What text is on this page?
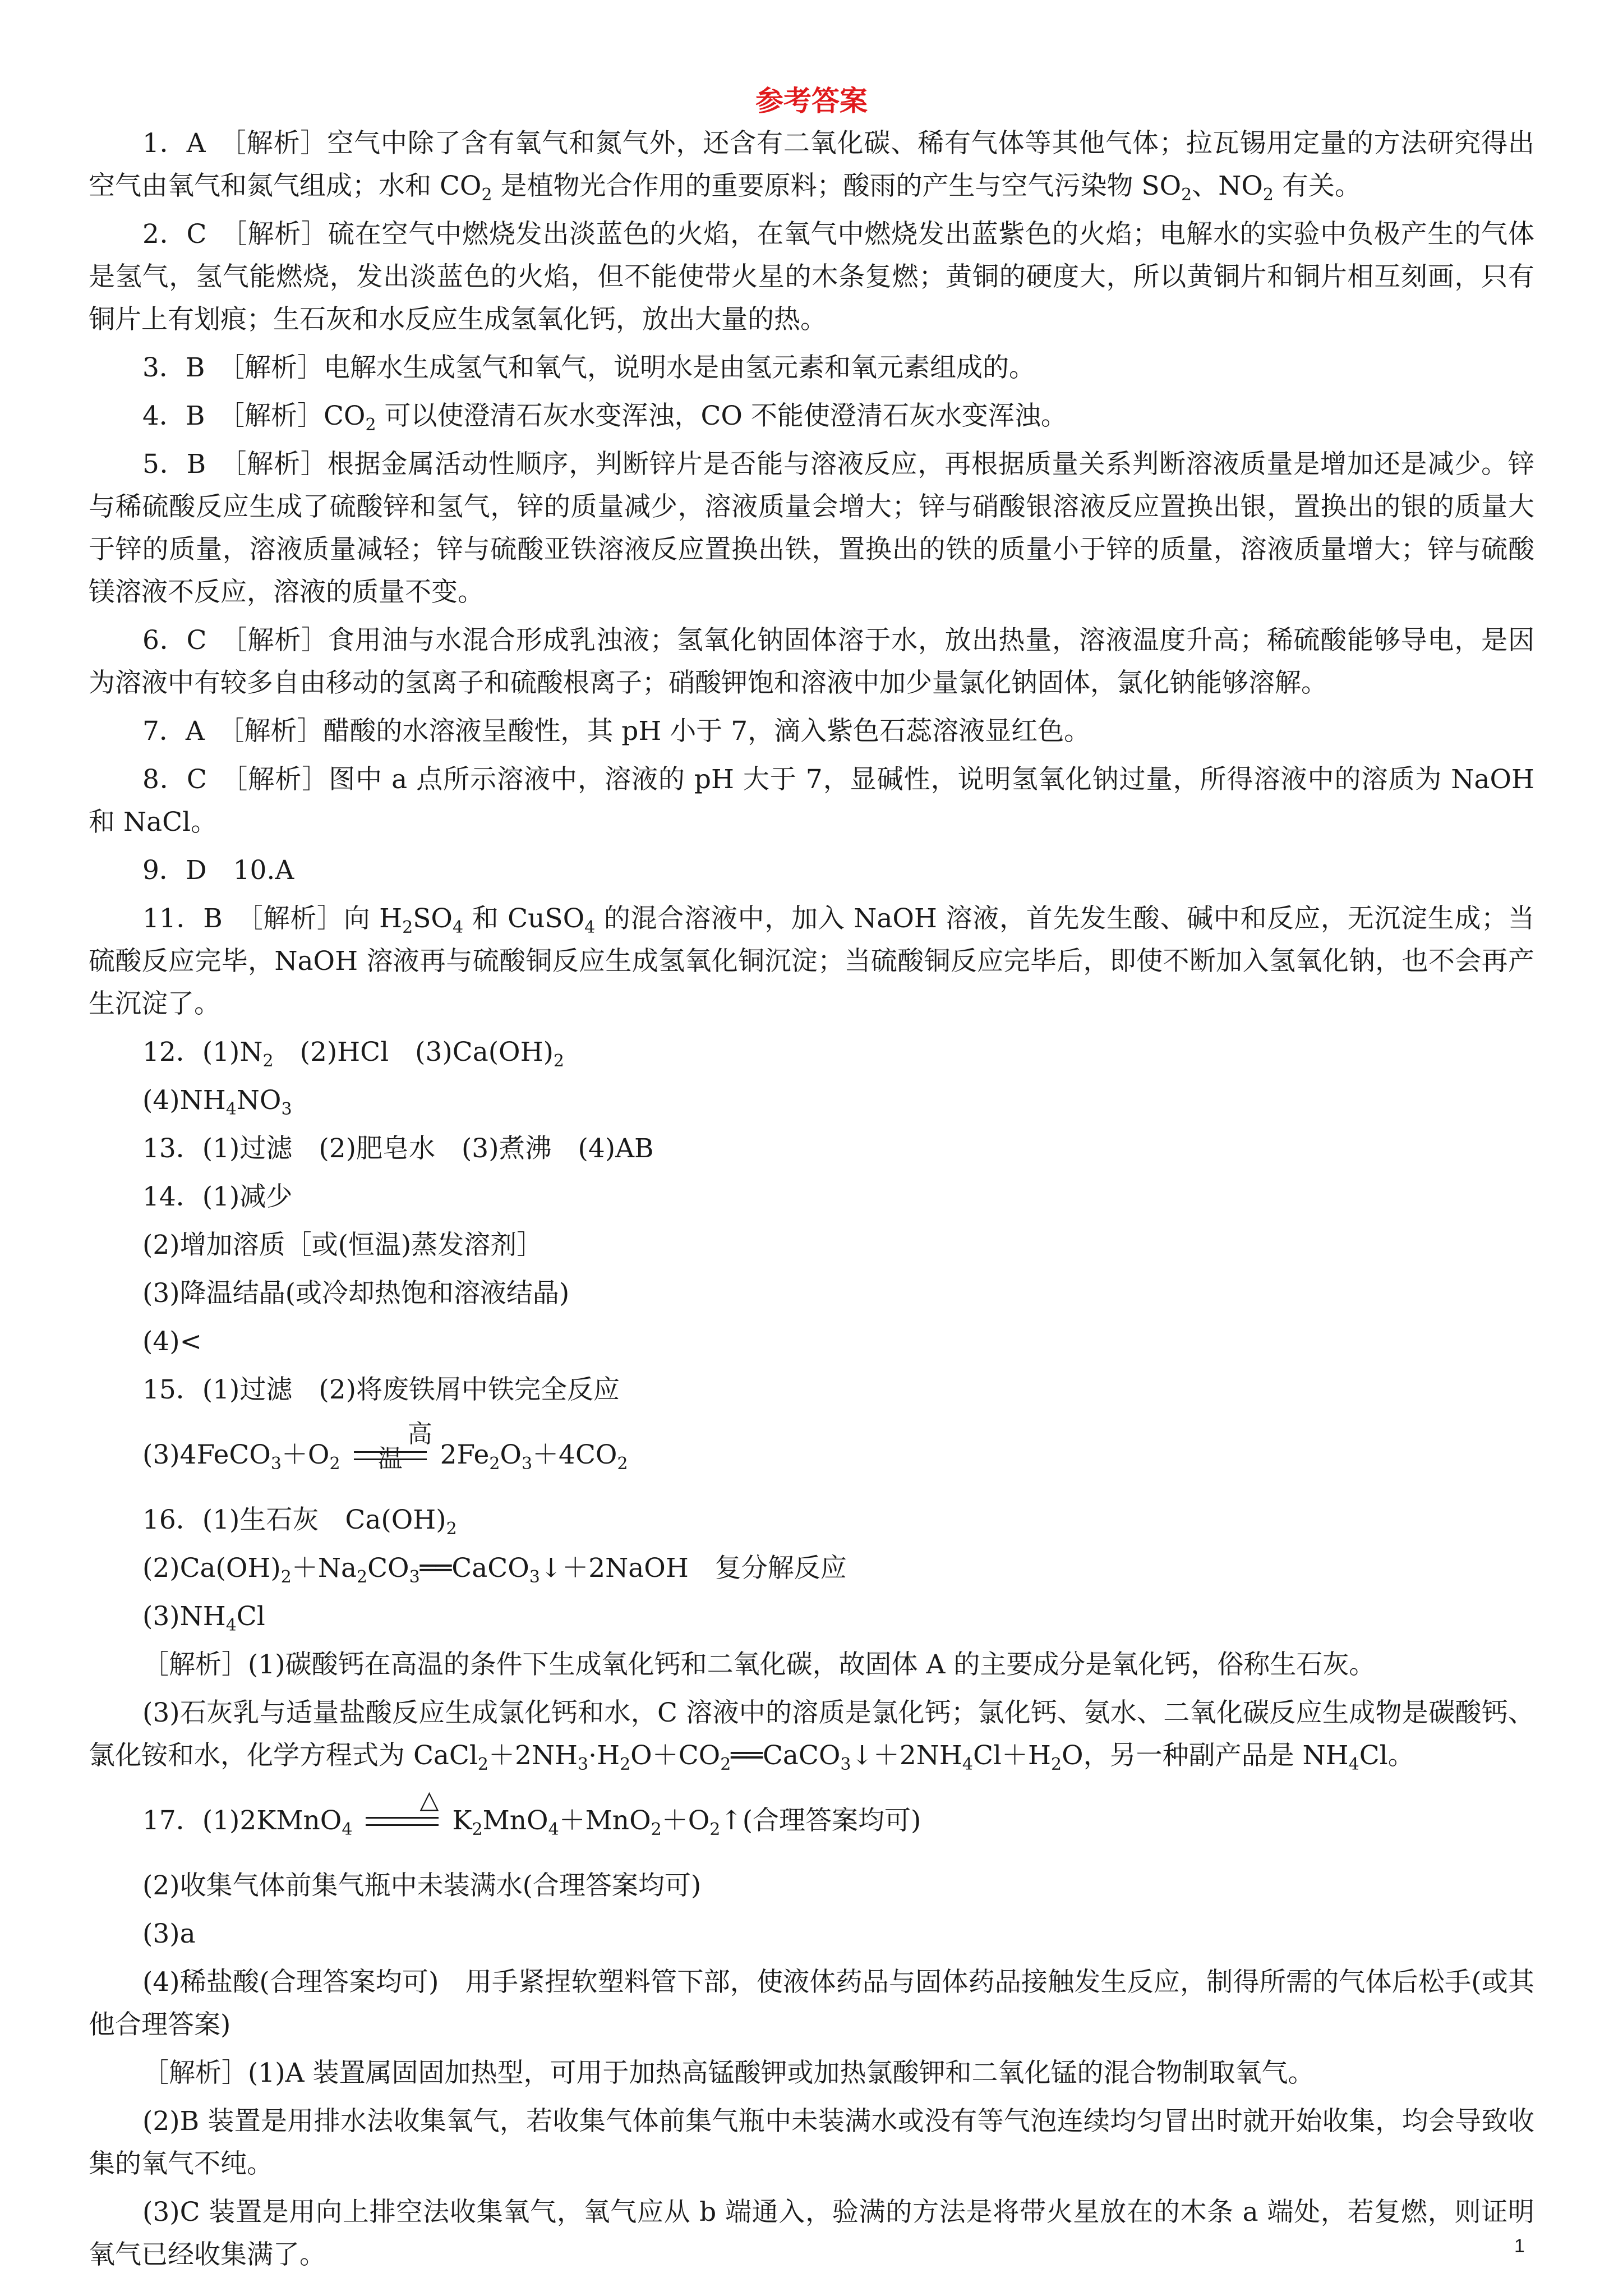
参考答案

1．A　［解析］空气中除了含有氧气和氮气外，还含有二氧化碳、稀有气体等其他气体；拉瓦锡用定量的方法研究得出空气由氧气和氮气组成；水和 $CO_2$ 是植物光合作用的重要原料；酸雨的产生与空气污染物 $SO_2$、$NO_2$ 有关。

2．C　［解析］硫在空气中燃烧发出淡蓝色的火焰，在氧气中燃烧发出蓝紫色的火焰；电解水的实验中负极产生的气体是氢气，氢气能燃烧，发出淡蓝色的火焰，但不能使带火星的木条复燃；黄铜的硬度大，所以黄铜片和铜片相互刻画，只有铜片上有划痕；生石灰和水反应生成氢氧化钙，放出大量的热。

3．B　［解析］电解水生成氢气和氧气，说明水是由氢元素和氧元素组成的。

4．B　［解析$]CO_2$ 可以使澄清石灰水变浑浊，CO 不能使澄清石灰水变浑浊。

5．B　［解析］根据金属活动性顺序，判断锌片是否能与溶液反应，再根据质量关系判断溶液质量是增加还是减少。锌与稀硫酸反应生成了硫酸锌和氢气，锌的质量减少，溶液质量会增大；锌与硝酸银溶液反应置换出银，置换出的银的质量大于锌的质量，溶液质量减轻；锌与硫酸亚铁溶液反应置换出铁，置换出的铁的质量小于锌的质量，溶液质量增大；锌与硫酸镁溶液不反应，溶液的质量不变。

6．C　［解析］食用油与水混合形成乳浊液；氢氧化钠固体溶于水，放出热量，溶液温度升高；稀硫酸能够导电，是因为溶液中有较多自由移动的氢离子和硫酸根离子；硝酸钾饱和溶液中加少量氯化钠固体，氯化钠能够溶解。

7．A　［解析］醋酸的水溶液呈酸性，其 pH 小于 7，滴入紫色石蕊溶液显红色。

8．C　［解析］图中 a 点所示溶液中，溶液的 pH 大于 7，显碱性，说明氢氧化钠过量，所得溶液中的溶质为 NaOH 和 NaCl。

9．D　10.A

11．B　［解析］向 $H_2SO_4$ 和 CuSO$_4$ 的混合溶液中，加入 NaOH 溶液，首先发生酸、碱中和反应，无沉淀生成；当硫酸反应完毕，NaOH 溶液再与硫酸铜反应生成氢氧化铜沉淀；当硫酸铜反应完毕后，即使不断加入氢氧化钠，也不会再产生沉淀了。

12．$(1)N_2$　(2)HCl　$(3)Ca(OH)_2$

$(4)NH_4NO_3$

13．(1)过滤　(2)肥皂水　(3)煮沸　(4)AB

14．(1)减少

(2)增加溶质［或(恒温)蒸发溶剂］

(3)降温结晶(或冷却热饱和溶液结晶)

(4)<

15．(1)过滤　(2)将废铁屑中铁完全反应

$(3)4FeCO_3+O_2$
高温	$2Fe_2O_3+4CO_2$

16．(1)生石灰　$Ca(OH)_2$

$(2)Ca(OH)_2+Na_2CO_3══CaCO_3↓+2NaOH$　复分解反应

$(3)NH_4Cl$

［解析］(1)碳酸钙在高温的条件下生成氧化钙和二氧化碳，故固体 A 的主要成分是氧化钙，俗称生石灰。

(3)石灰乳与适量盐酸反应生成氯化钙和水，C 溶液中的溶质是氯化钙；氯化钙、氨水、二氧化碳反应生成物是碳酸钙、氯化铵和水，化学方程式为 $CaCl_2+2NH_3\cdot H_2O+CO_2══CaCO_3↓+2NH_4Cl+H_2O$，另一种副产品是 $NH_4Cl$。

17．(1)2KMnO$_4$
△
$K_2MnO_4+MnO_2+O_2↑$(合理答案均可)

(2)收集气体前集气瓶中未装满水(合理答案均可)

(3)a

(4)稀盐酸(合理答案均可)　用手紧捏软塑料管下部，使液体药品与固体药品接触发生反应，制得所需的气体后松手(或其他合理答案)

［解析］(1)A 装置属固固加热型，可用于加热高锰酸钾或加热氯酸钾和二氧化锰的混合物制取氧气。

(2)B 装置是用排水法收集氧气，若收集气体前集气瓶中未装满水或没有等气泡连续均匀冒出时就开始收集，均会导致收集的氧气不纯。

(3)C 装置是用向上排空法收集氧气，氧气应从 b 端通入，验满的方法是将带火星放在的木条 a 端处，若复燃，则证明氧气已经收集满了。	1
